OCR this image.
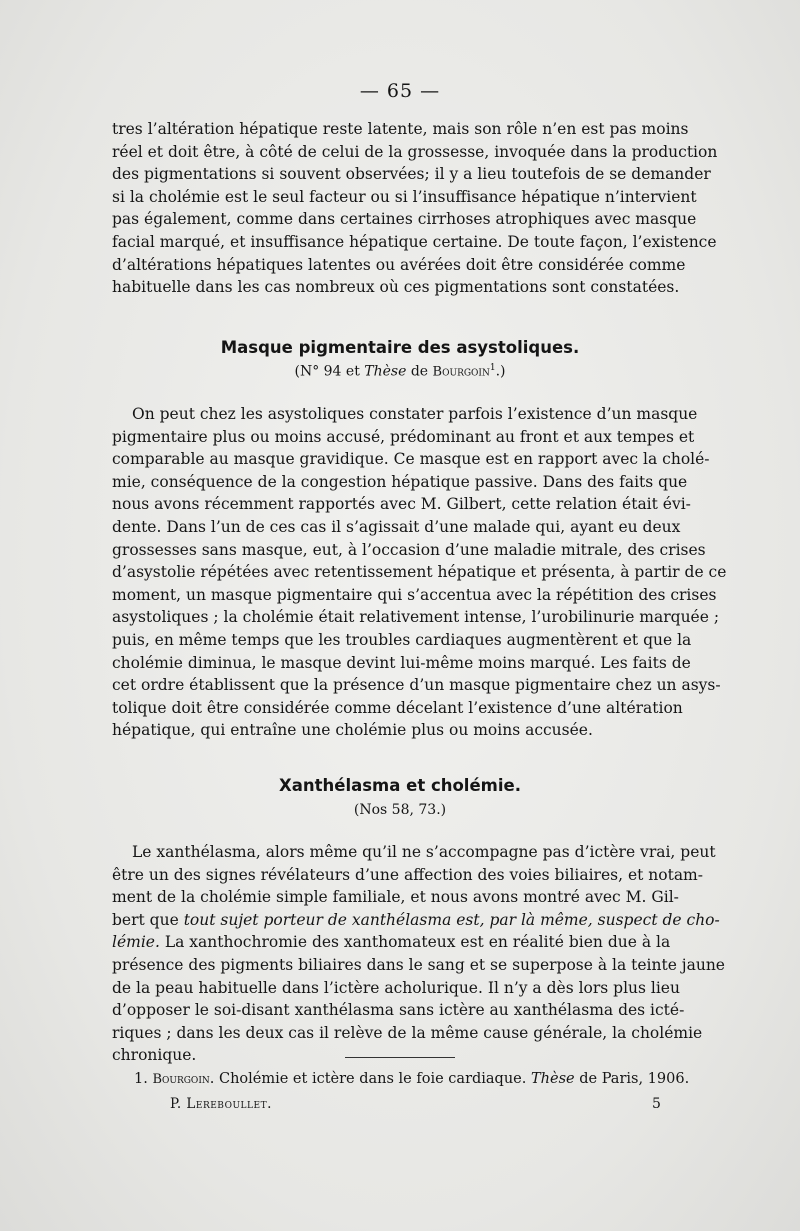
— 65 —
tres l’altération hépatique reste latente, mais son rôle n’en est pas moins
réel et doit être, à côté de celui de la grossesse, invoquée dans la production
des pigmentations si souvent observées; il y a lieu toutefois de se demander
si la cholémie est le seul facteur ou si l’insuffisance hépatique n’intervient
pas également, comme dans certaines cirrhoses atrophiques avec masque
facial marqué, et insuffisance hépatique certaine. De toute façon, l’existence
d’altérations hépatiques latentes ou avérées doit être considérée comme
habituelle dans les cas nombreux où ces pigmentations sont constatées.
Masque pigmentaire des asystoliques.
(N° 94 et Thèse de Bourgoin$^1$.)
On peut chez les asystoliques constater parfois l’existence d’un masque
pigmentaire plus ou moins accusé, prédominant au front et aux tempes et
comparable au masque gravidique. Ce masque est en rapport avec la cholé-
mie, conséquence de la congestion hépatique passive. Dans des faits que
nous avons récemment rapportés avec M. Gilbert, cette relation était évi-
dente. Dans l’un de ces cas il s’agissait d’une malade qui, ayant eu deux
grossesses sans masque, eut, à l’occasion d’une maladie mitrale, des crises
d’asystolie répétées avec retentissement hépatique et présenta, à partir de ce
moment, un masque pigmentaire qui s’accentua avec la répétition des crises
asystoliques ; la cholémie était relativement intense, l’urobilinurie marquée ;
puis, en même temps que les troubles cardiaques augmentèrent et que la
cholémie diminua, le masque devint lui-même moins marqué. Les faits de
cet ordre établissent que la présence d’un masque pigmentaire chez un asys-
tolique doit être considérée comme décelant l’existence d’une altération
hépatique, qui entraîne une cholémie plus ou moins accusée.
Xanthélasma et cholémie.
(Nos 58, 73.)
Le xanthélasma, alors même qu’il ne s’accompagne pas d’ictère vrai, peut
être un des signes révélateurs d’une affection des voies biliaires, et notam-
ment de la cholémie simple familiale, et nous avons montré avec M. Gil-
bert que tout sujet porteur de xanthélasma est, par là même, suspect de cho-
lémie. La xanthochromie des xanthomateux est en réalité bien due à la
présence des pigments biliaires dans le sang et se superpose à la teinte jaune
de la peau habituelle dans l’ictère acholurique. Il n’y a dès lors plus lieu
d’opposer le soi-disant xanthélasma sans ictère au xanthélasma des icté-
riques ; dans les deux cas il relève de la même cause générale, la cholémie
chronique.
1. Bourgoin. Cholémie et ictère dans le foie cardiaque. Thèse de Paris, 1906.
P. Lereboullet.	5
